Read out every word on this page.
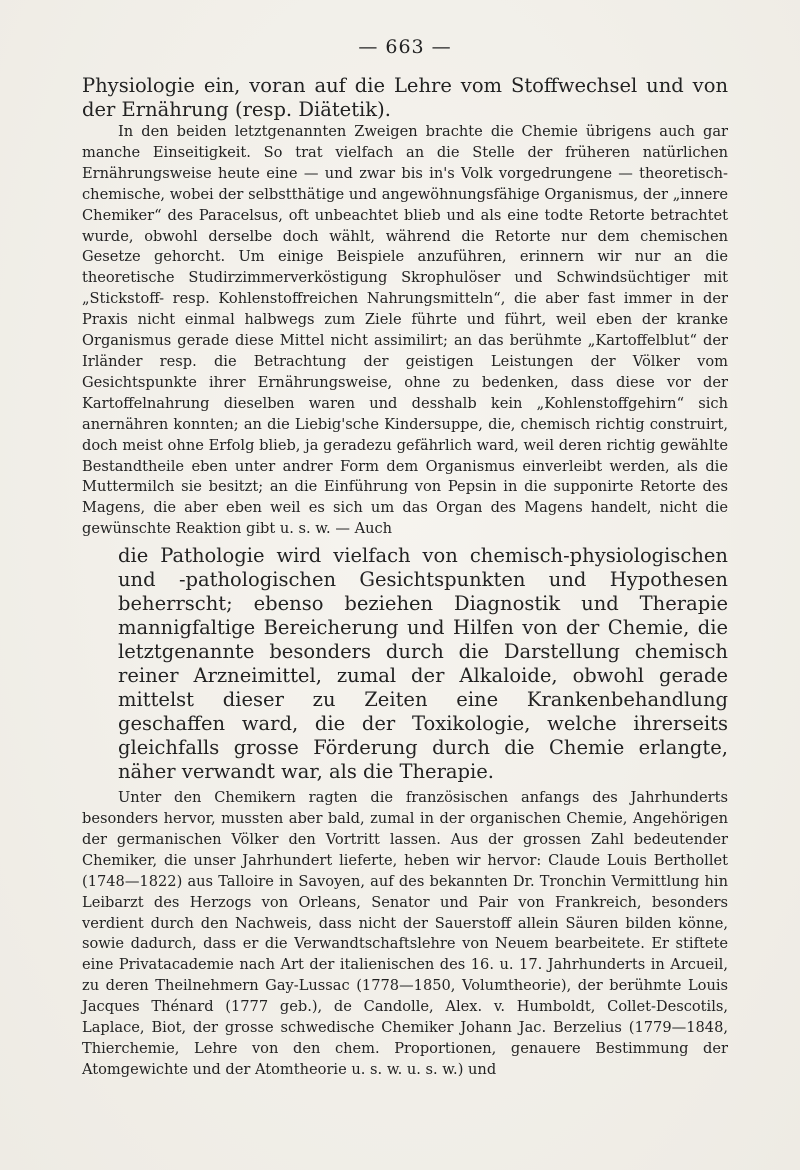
— 663 —

Physiologie ein, voran auf die Lehre vom Stoffwechsel und von der Ernährung (resp. Diätetik).

In den beiden letztgenannten Zweigen brachte die Chemie übrigens auch gar manche Einseitigkeit. So trat vielfach an die Stelle der früheren natürlichen Ernährungsweise heute eine — und zwar bis in's Volk vorgedrungene — theoretisch-chemische, wobei der selbstthätige und angewöhnungsfähige Organismus, der „innere Chemiker“ des Paracelsus, oft unbeachtet blieb und als eine todte Retorte betrachtet wurde, obwohl derselbe doch wählt, während die Retorte nur dem chemischen Gesetze gehorcht. Um einige Beispiele anzuführen, erinnern wir nur an die theoretische Studirzimmerverköstigung Skrophulöser und Schwindsüchtiger mit „Stickstoff- resp. Kohlenstoffreichen Nahrungsmitteln“, die aber fast immer in der Praxis nicht einmal halbwegs zum Ziele führte und führt, weil eben der kranke Organismus gerade diese Mittel nicht assimilirt; an das berühmte „Kartoffelblut“ der Irländer resp. die Betrachtung der geistigen Leistungen der Völker vom Gesichtspunkte ihrer Ernährungsweise, ohne zu bedenken, dass diese vor der Kartoffelnahrung dieselben waren und desshalb kein „Kohlenstoffgehirn“ sich anernähren konnten; an die Liebig'sche Kindersuppe, die, chemisch richtig construirt, doch meist ohne Erfolg blieb, ja geradezu gefährlich ward, weil deren richtig gewählte Bestandtheile eben unter andrer Form dem Organismus einverleibt werden, als die Muttermilch sie besitzt; an die Einführung von Pepsin in die supponirte Retorte des Magens, die aber eben weil es sich um das Organ des Magens handelt, nicht die gewünschte Reaktion gibt u. s. w. — Auch

die Pathologie wird vielfach von chemisch-physiologischen und -pathologischen Gesichtspunkten und Hypothesen beherrscht; ebenso beziehen Diagnostik und Therapie mannigfaltige Bereicherung und Hilfen von der Chemie, die letztgenannte besonders durch die Darstellung chemisch reiner Arzneimittel, zumal der Alkaloide, obwohl gerade mittelst dieser zu Zeiten eine Krankenbehandlung geschaffen ward, die der Toxikologie, welche ihrerseits gleichfalls grosse Förderung durch die Chemie erlangte, näher verwandt war, als die Therapie.

Unter den Chemikern ragten die französischen anfangs des Jahrhunderts besonders hervor, mussten aber bald, zumal in der organischen Chemie, Angehörigen der germanischen Völker den Vortritt lassen. Aus der grossen Zahl bedeutender Chemiker, die unser Jahrhundert lieferte, heben wir hervor: Claude Louis Berthollet (1748—1822) aus Talloire in Savoyen, auf des bekannten Dr. Tronchin Vermittlung hin Leibarzt des Herzogs von Orleans, Senator und Pair von Frankreich, besonders verdient durch den Nachweis, dass nicht der Sauerstoff allein Säuren bilden könne, sowie dadurch, dass er die Verwandtschaftslehre von Neuem bearbeitete. Er stiftete eine Privatacademie nach Art der italienischen des 16. u. 17. Jahrhunderts in Arcueil, zu deren Theilnehmern Gay-Lussac (1778—1850, Volumtheorie), der berühmte Louis Jacques Thénard (1777 geb.), de Candolle, Alex. v. Humboldt, Collet-Descotils, Laplace, Biot, der grosse schwedische Chemiker Johann Jac. Berzelius (1779—1848, Thierchemie, Lehre von den chem. Proportionen, genauere Bestimmung der Atomgewichte und der Atomtheorie u. s. w. u. s. w.) und
